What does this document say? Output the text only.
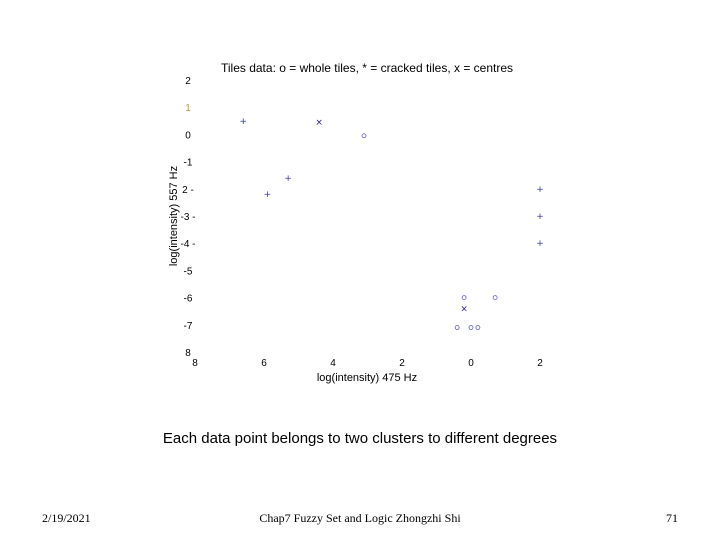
Tiles data: o = whole tiles, * = cracked tiles, x = centres
log(intensity) 557 Hz
log(intensity) 475 Hz
2
1
0
-1
2 -
-3 -
-4 -
-5
-6
-7
8
8	6	4	2	0	2
+
+
+
+
+
+
×
×
Each data point belongs to two clusters to different degrees
2/19/2021	Chap7 Fuzzy Set and Logic Zhongzhi Shi	71
